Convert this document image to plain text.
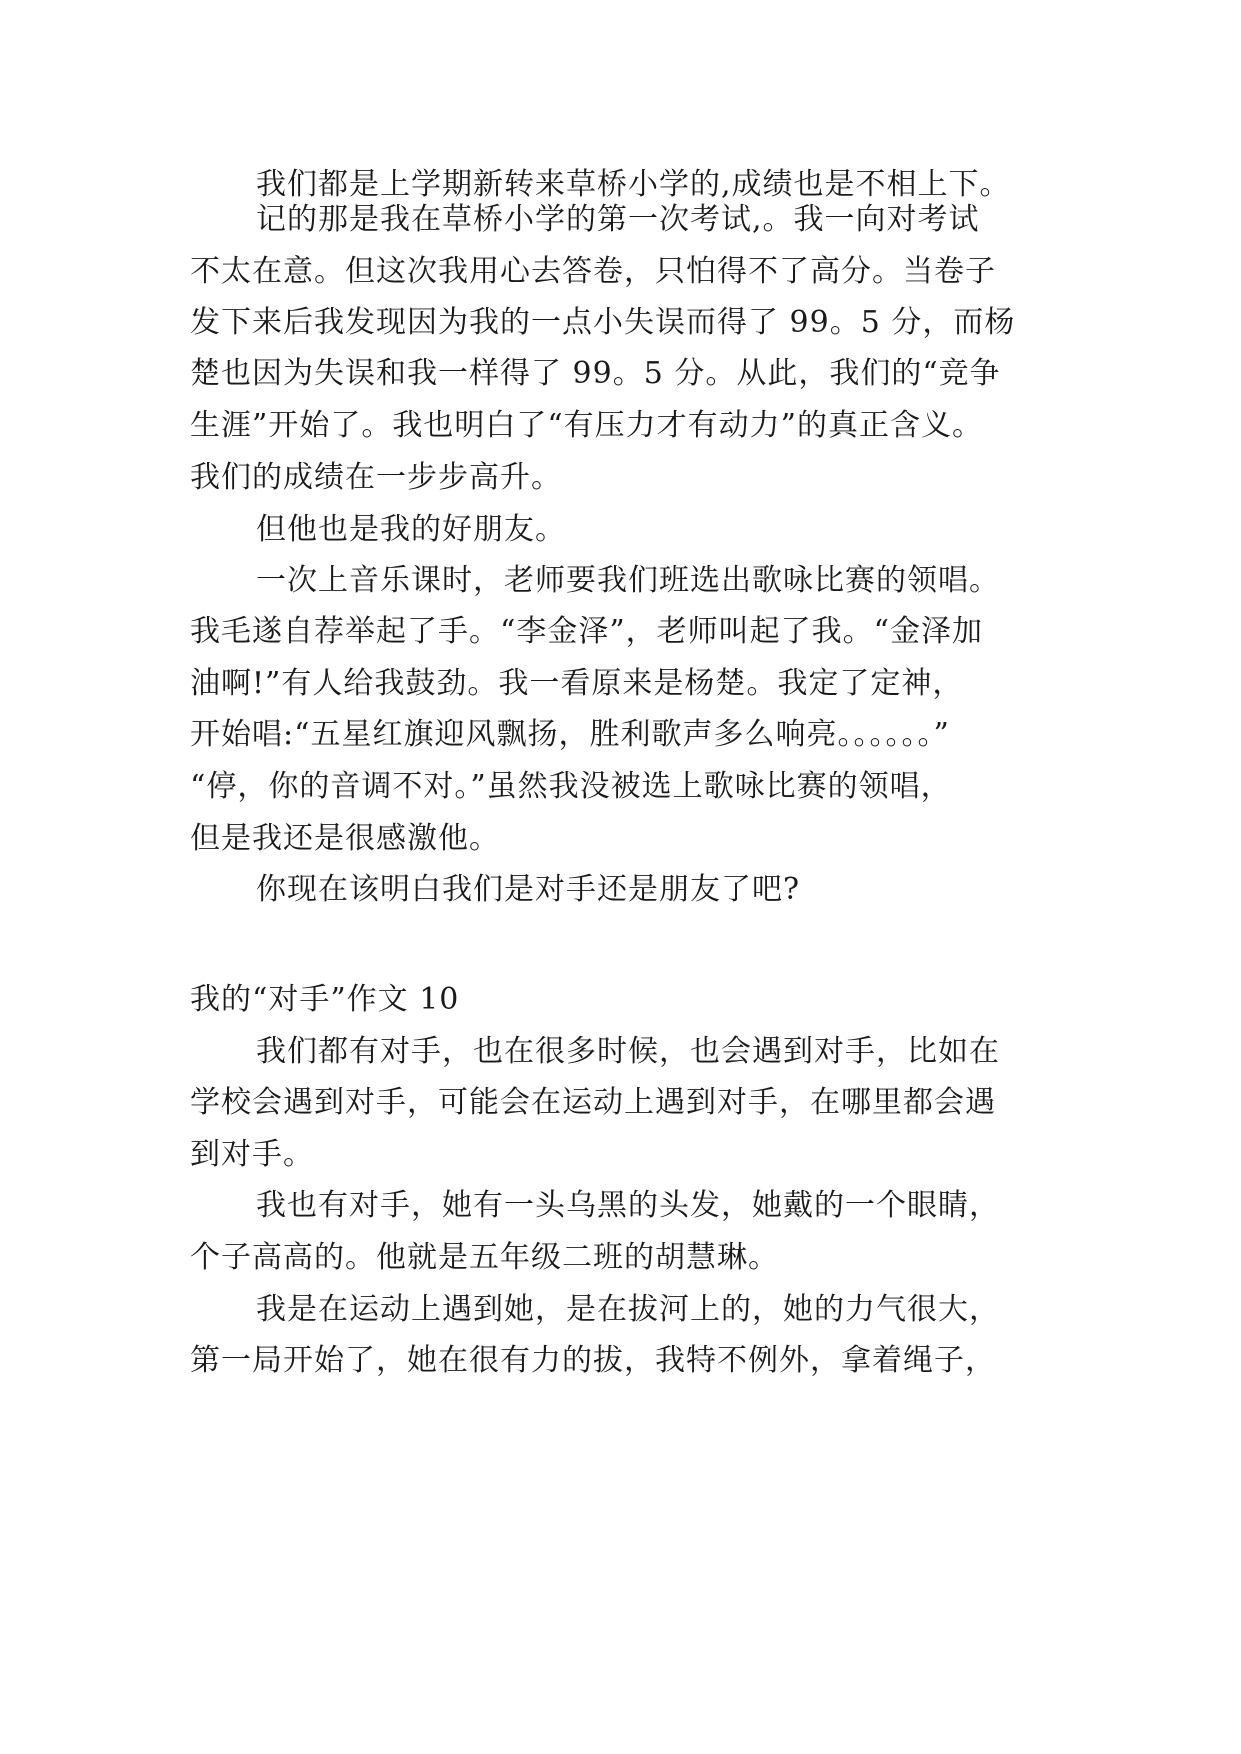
我们都是上学期新转来草桥小学的,成绩也是不相上下。
记的那是我在草桥小学的第一次考试,。我一向对考试
不太在意。但这次我用心去答卷，只怕得不了高分。当卷子
发下来后我发现因为我的一点小失误而得了 99。5 分，而杨
楚也因为失误和我一样得了 99。5 分。从此，我们的“竞争
生涯”开始了。我也明白了“有压力才有动力”的真正含义。
我们的成绩在一步步高升。
但他也是我的好朋友。
一次上音乐课时，老师要我们班选出歌咏比赛的领唱。
我毛遂自荐举起了手。“李金泽”，老师叫起了我。“金泽加
油啊!”有人给我鼓劲。我一看原来是杨楚。我定了定神，
开始唱:“五星红旗迎风飘扬，胜利歌声多么响亮。。。。。。”
“停，你的音调不对。”虽然我没被选上歌咏比赛的领唱，
但是我还是很感激他。
你现在该明白我们是对手还是朋友了吧?
我的“对手”作文 10
我们都有对手，也在很多时候，也会遇到对手，比如在
学校会遇到对手，可能会在运动上遇到对手，在哪里都会遇
到对手。
我也有对手，她有一头乌黑的头发，她戴的一个眼睛，
个子高高的。他就是五年级二班的胡慧琳。
我是在运动上遇到她，是在拔河上的，她的力气很大，
第一局开始了，她在很有力的拔，我特不例外，拿着绳子，
